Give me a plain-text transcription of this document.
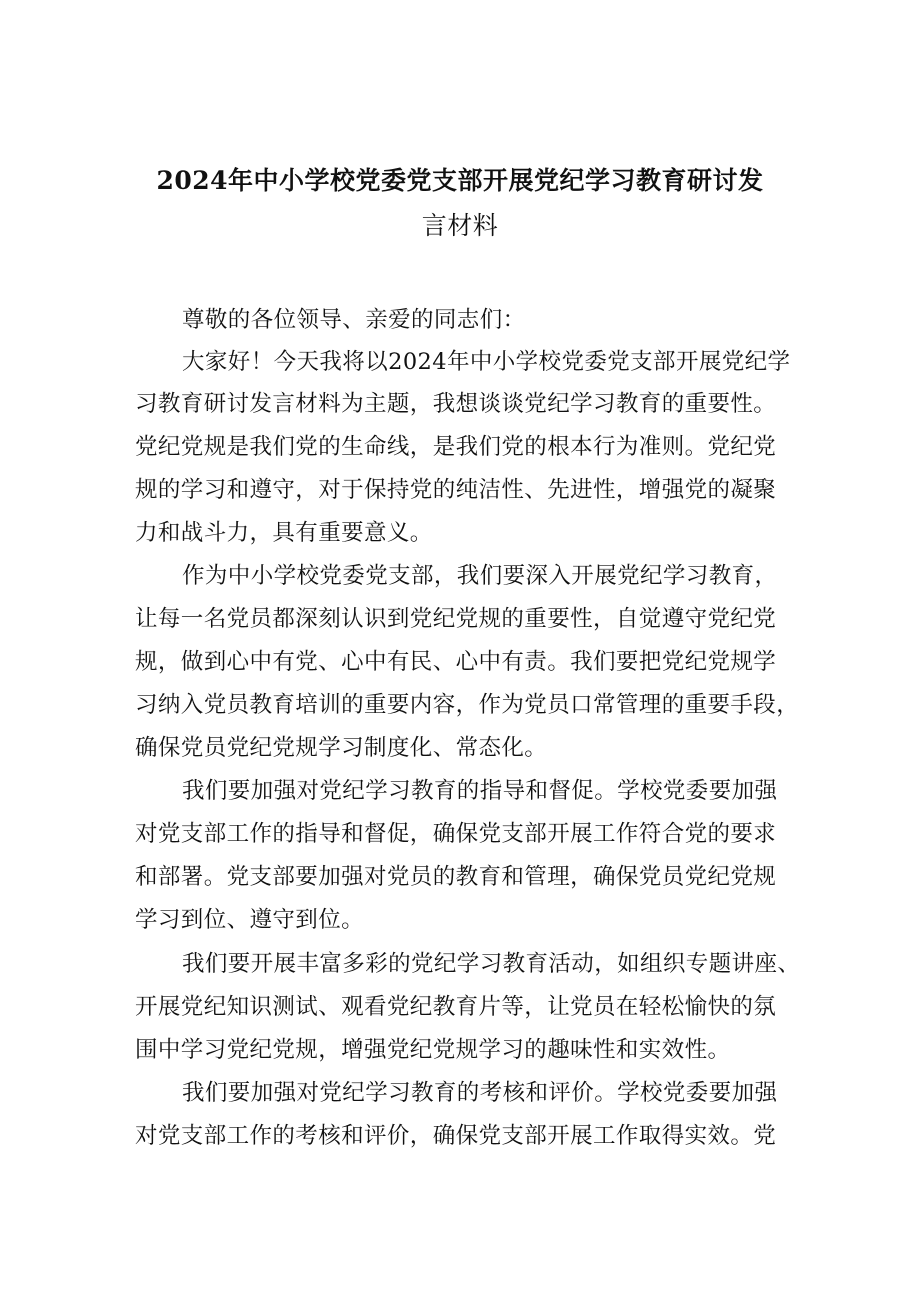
2024年中小学校党委党支部开展党纪学习教育研讨发
言材料
尊敬的各位领导、亲爱的同志们：
大家好！今天我将以2024年中小学校党委党支部开展党纪学
习教育研讨发言材料为主题，我想谈谈党纪学习教育的重要性。
党纪党规是我们党的生命线，是我们党的根本行为准则。党纪党
规的学习和遵守，对于保持党的纯洁性、先进性，增强党的凝聚
力和战斗力，具有重要意义。
作为中小学校党委党支部，我们要深入开展党纪学习教育，
让每一名党员都深刻认识到党纪党规的重要性，自觉遵守党纪党
规，做到心中有党、心中有民、心中有责。我们要把党纪党规学
习纳入党员教育培训的重要内容，作为党员口常管理的重要手段，
确保党员党纪党规学习制度化、常态化。
我们要加强对党纪学习教育的指导和督促。学校党委要加强
对党支部工作的指导和督促，确保党支部开展工作符合党的要求
和部署。党支部要加强对党员的教育和管理，确保党员党纪党规
学习到位、遵守到位。
我们要开展丰富多彩的党纪学习教育活动，如组织专题讲座、
开展党纪知识测试、观看党纪教育片等，让党员在轻松愉快的氛
围中学习党纪党规，增强党纪党规学习的趣味性和实效性。
我们要加强对党纪学习教育的考核和评价。学校党委要加强
对党支部工作的考核和评价，确保党支部开展工作取得实效。党
